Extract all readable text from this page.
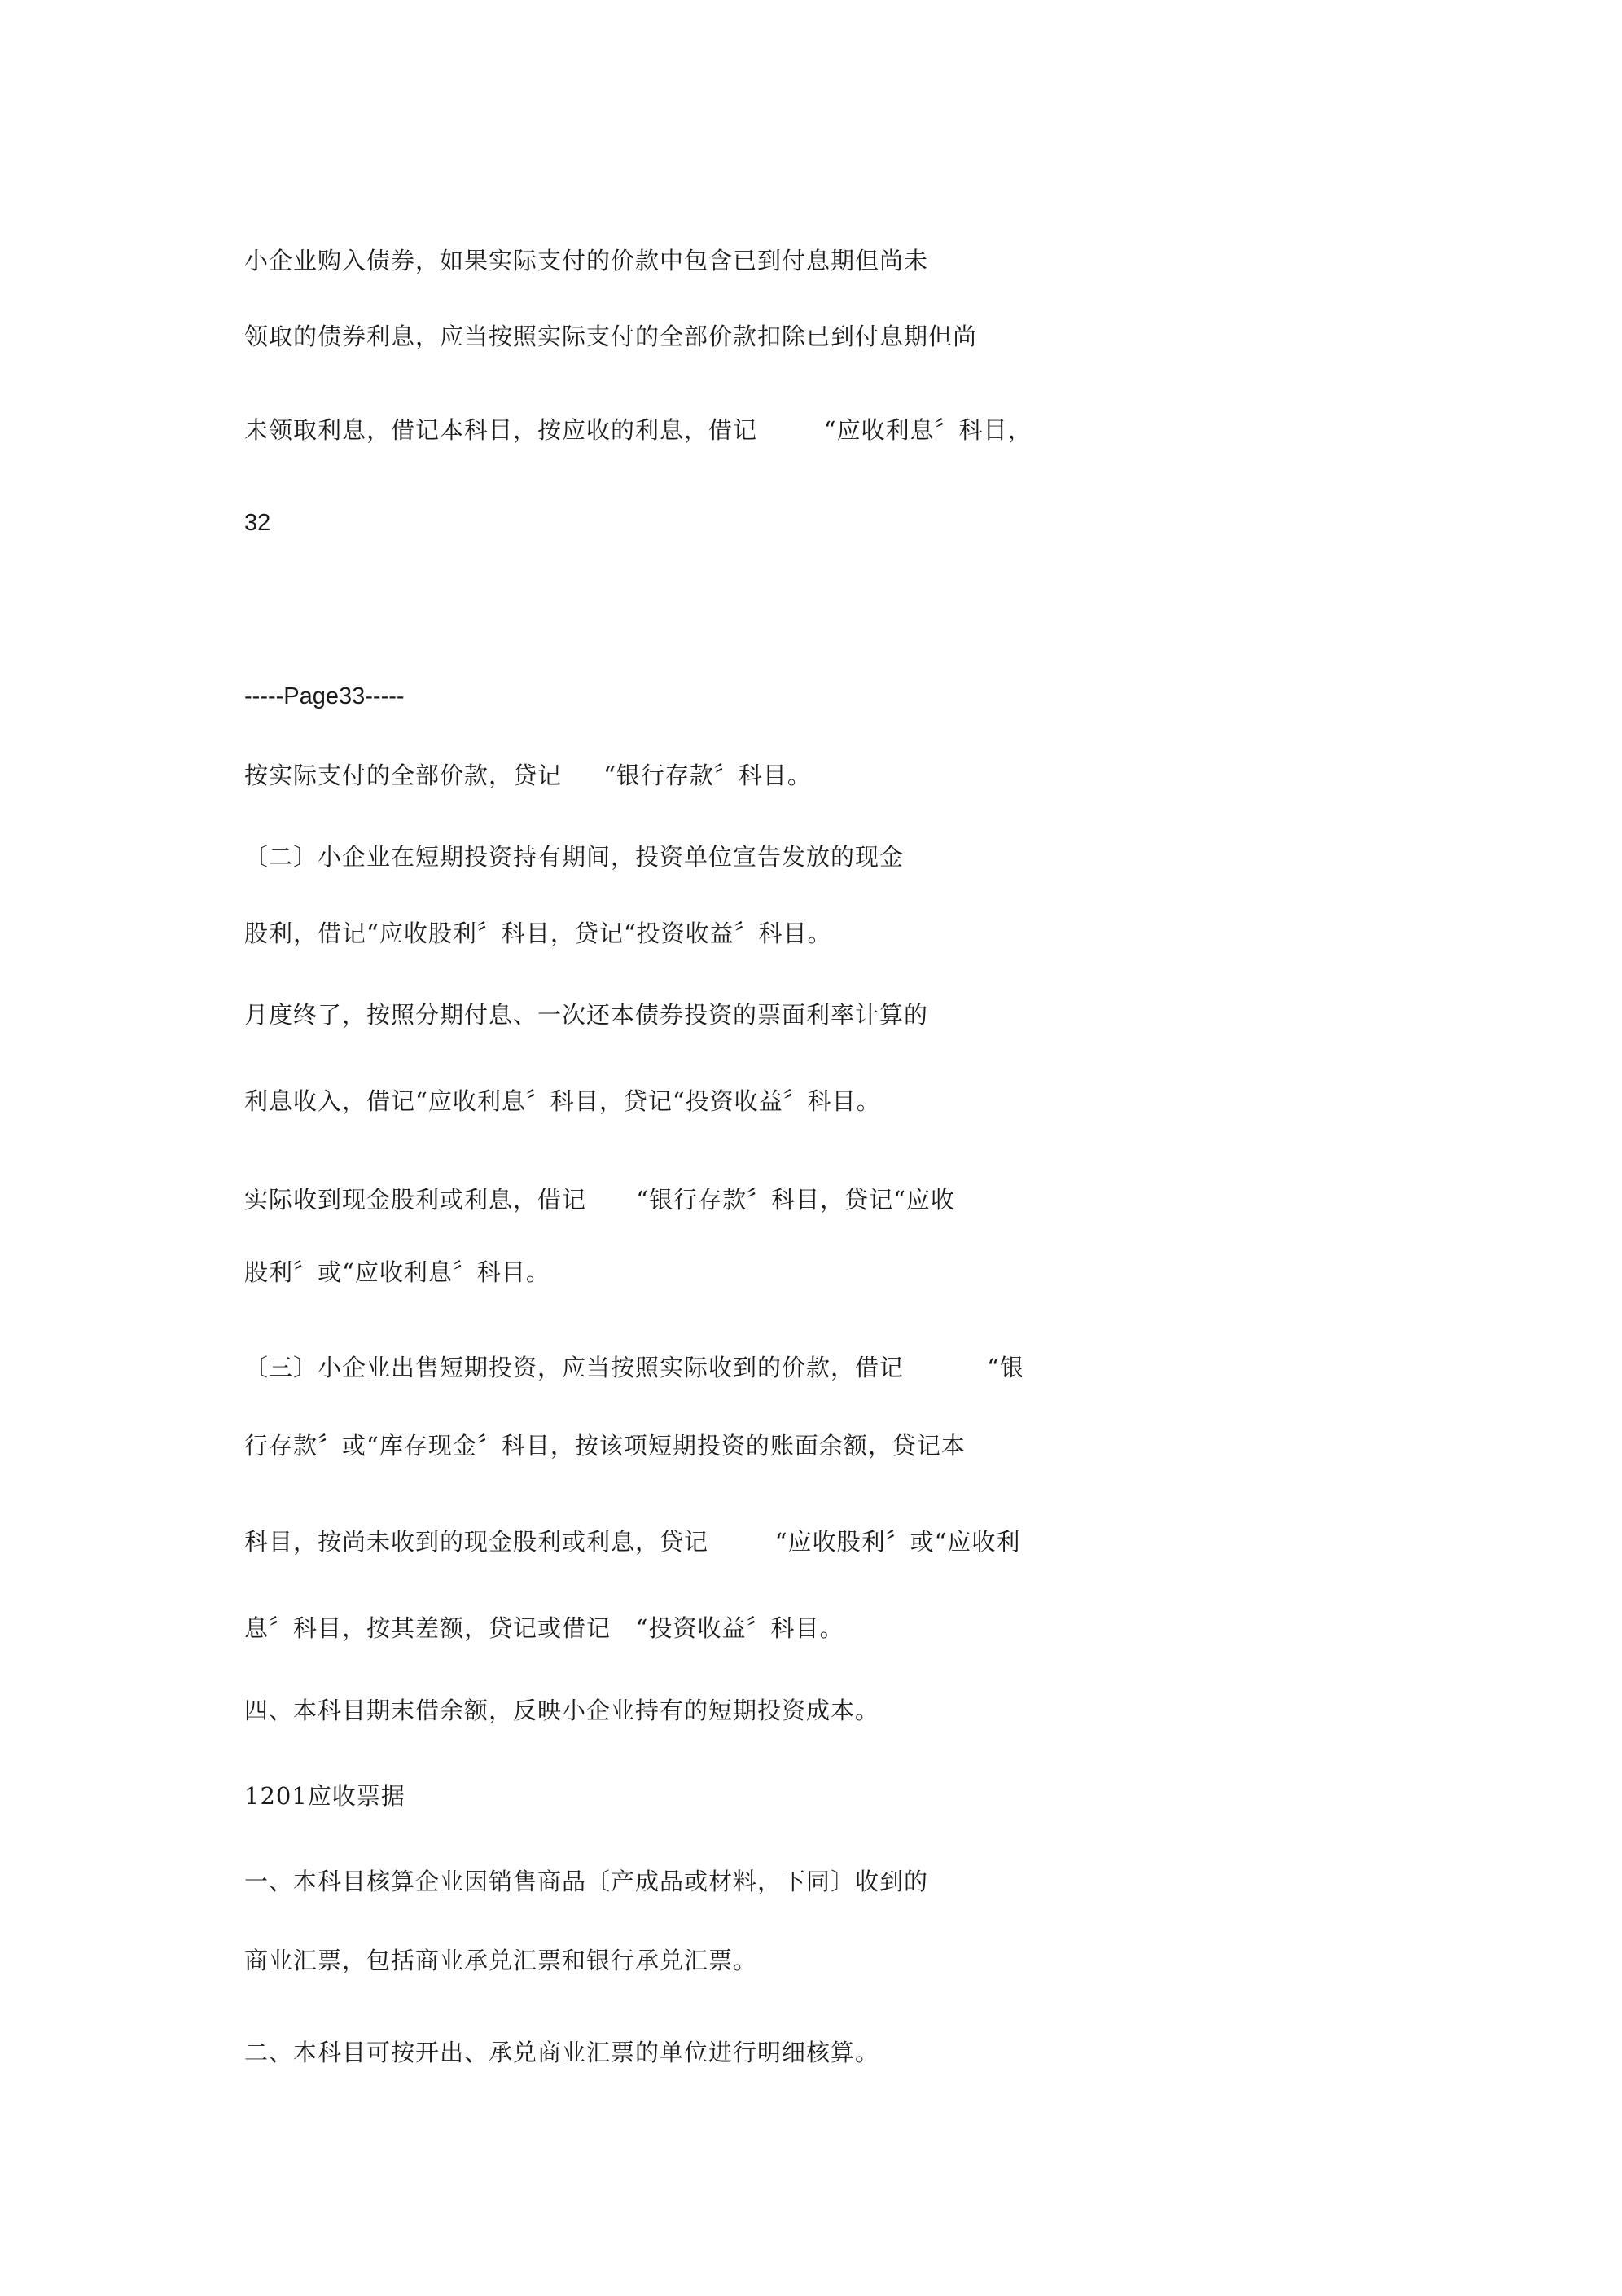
小企业购入债券，如果实际支付的价款中包含已到付息期但尚未

领取的债券利息，应当按照实际支付的全部价款扣除已到付息期但尚

未领取利息，借记本科目，按应收的利息，借记        “应收利息〞科目，

32

-----Page33-----

按实际支付的全部价款，贷记     “银行存款〞科目。

〔二〕小企业在短期投资持有期间，投资单位宣告发放的现金

股利，借记“应收股利〞科目，贷记“投资收益〞科目。

月度终了，按照分期付息、一次还本债券投资的票面利率计算的

利息收入，借记“应收利息〞科目，贷记“投资收益〞科目。

实际收到现金股利或利息，借记      “银行存款〞科目，贷记“应收

股利〞或“应收利息〞科目。

〔三〕小企业出售短期投资，应当按照实际收到的价款，借记          “银

行存款〞或“库存现金〞科目，按该项短期投资的账面余额，贷记本

科目，按尚未收到的现金股利或利息，贷记        “应收股利〞或“应收利

息〞科目，按其差额，贷记或借记   “投资收益〞科目。

四、本科目期末借余额，反映小企业持有的短期投资成本。

1201应收票据

一、本科目核算企业因销售商品〔产成品或材料，下同〕收到的

商业汇票，包括商业承兑汇票和银行承兑汇票。

二、本科目可按开出、承兑商业汇票的单位进行明细核算。
